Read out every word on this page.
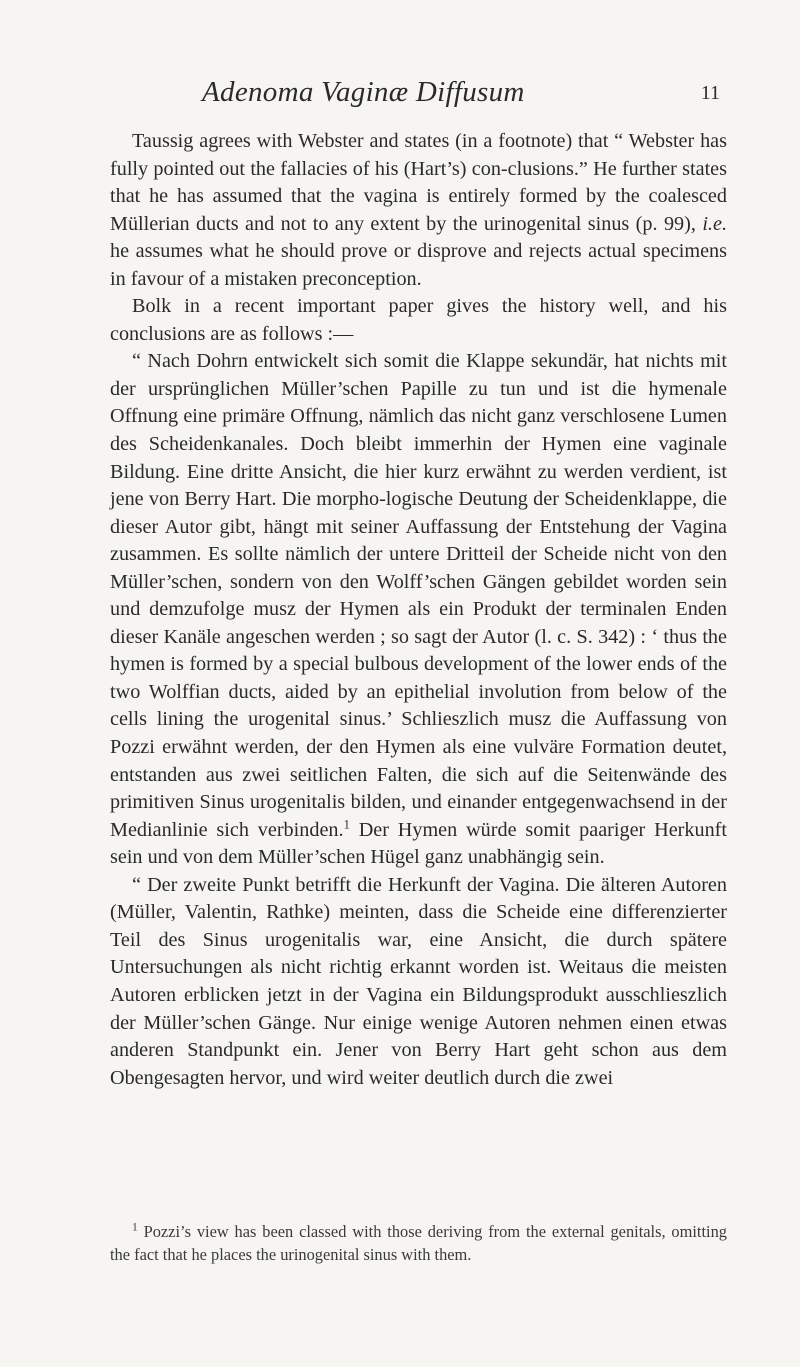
Adenoma Vaginæ Diffusum	11

Taussig agrees with Webster and states (in a footnote) that “ Webster has fully pointed out the fallacies of his (Hart’s) con-clusions.” He further states that he has assumed that the vagina is entirely formed by the coalesced Müllerian ducts and not to any extent by the urinogenital sinus (p. 99), i.e. he assumes what he should prove or disprove and rejects actual specimens in favour of a mistaken preconception.

Bolk in a recent important paper gives the history well, and his conclusions are as follows :—

“ Nach Dohrn entwickelt sich somit die Klappe sekundär, hat nichts mit der ursprünglichen Müller’schen Papille zu tun und ist die hymenale Offnung eine primäre Offnung, nämlich das nicht ganz verschlosene Lumen des Scheidenkanales. Doch bleibt immerhin der Hymen eine vaginale Bildung. Eine dritte Ansicht, die hier kurz erwähnt zu werden verdient, ist jene von Berry Hart. Die morpho-logische Deutung der Scheidenklappe, die dieser Autor gibt, hängt mit seiner Auffassung der Entstehung der Vagina zusammen. Es sollte nämlich der untere Dritteil der Scheide nicht von den Müller’schen, sondern von den Wolff’schen Gängen gebildet worden sein und demzufolge musz der Hymen als ein Produkt der terminalen Enden dieser Kanäle angeschen werden ; so sagt der Autor (l. c. S. 342) : ‘ thus the hymen is formed by a special bulbous development of the lower ends of the two Wolffian ducts, aided by an epithelial involution from below of the cells lining the urogenital sinus.’ Schlieszlich musz die Auffassung von Pozzi erwähnt werden, der den Hymen als eine vulväre Formation deutet, entstanden aus zwei seitlichen Falten, die sich auf die Seitenwände des primitiven Sinus urogenitalis bilden, und einander entgegenwachsend in der Medianlinie sich verbinden.$^1$ Der Hymen würde somit paariger Herkunft sein und von dem Müller’schen Hügel ganz unabhängig sein.

“ Der zweite Punkt betrifft die Herkunft der Vagina. Die älteren Autoren (Müller, Valentin, Rathke) meinten, dass die Scheide eine differenzierter Teil des Sinus urogenitalis war, eine Ansicht, die durch spätere Untersuchungen als nicht richtig erkannt worden ist. Weitaus die meisten Autoren erblicken jetzt in der Vagina ein Bildungsprodukt ausschlieszlich der Müller’schen Gänge. Nur einige wenige Autoren nehmen einen etwas anderen Standpunkt ein. Jener von Berry Hart geht schon aus dem Obengesagten hervor, und wird weiter deutlich durch die zwei

$^1$ Pozzi’s view has been classed with those deriving from the external genitals, omitting the fact that he places the urinogenital sinus with them.
